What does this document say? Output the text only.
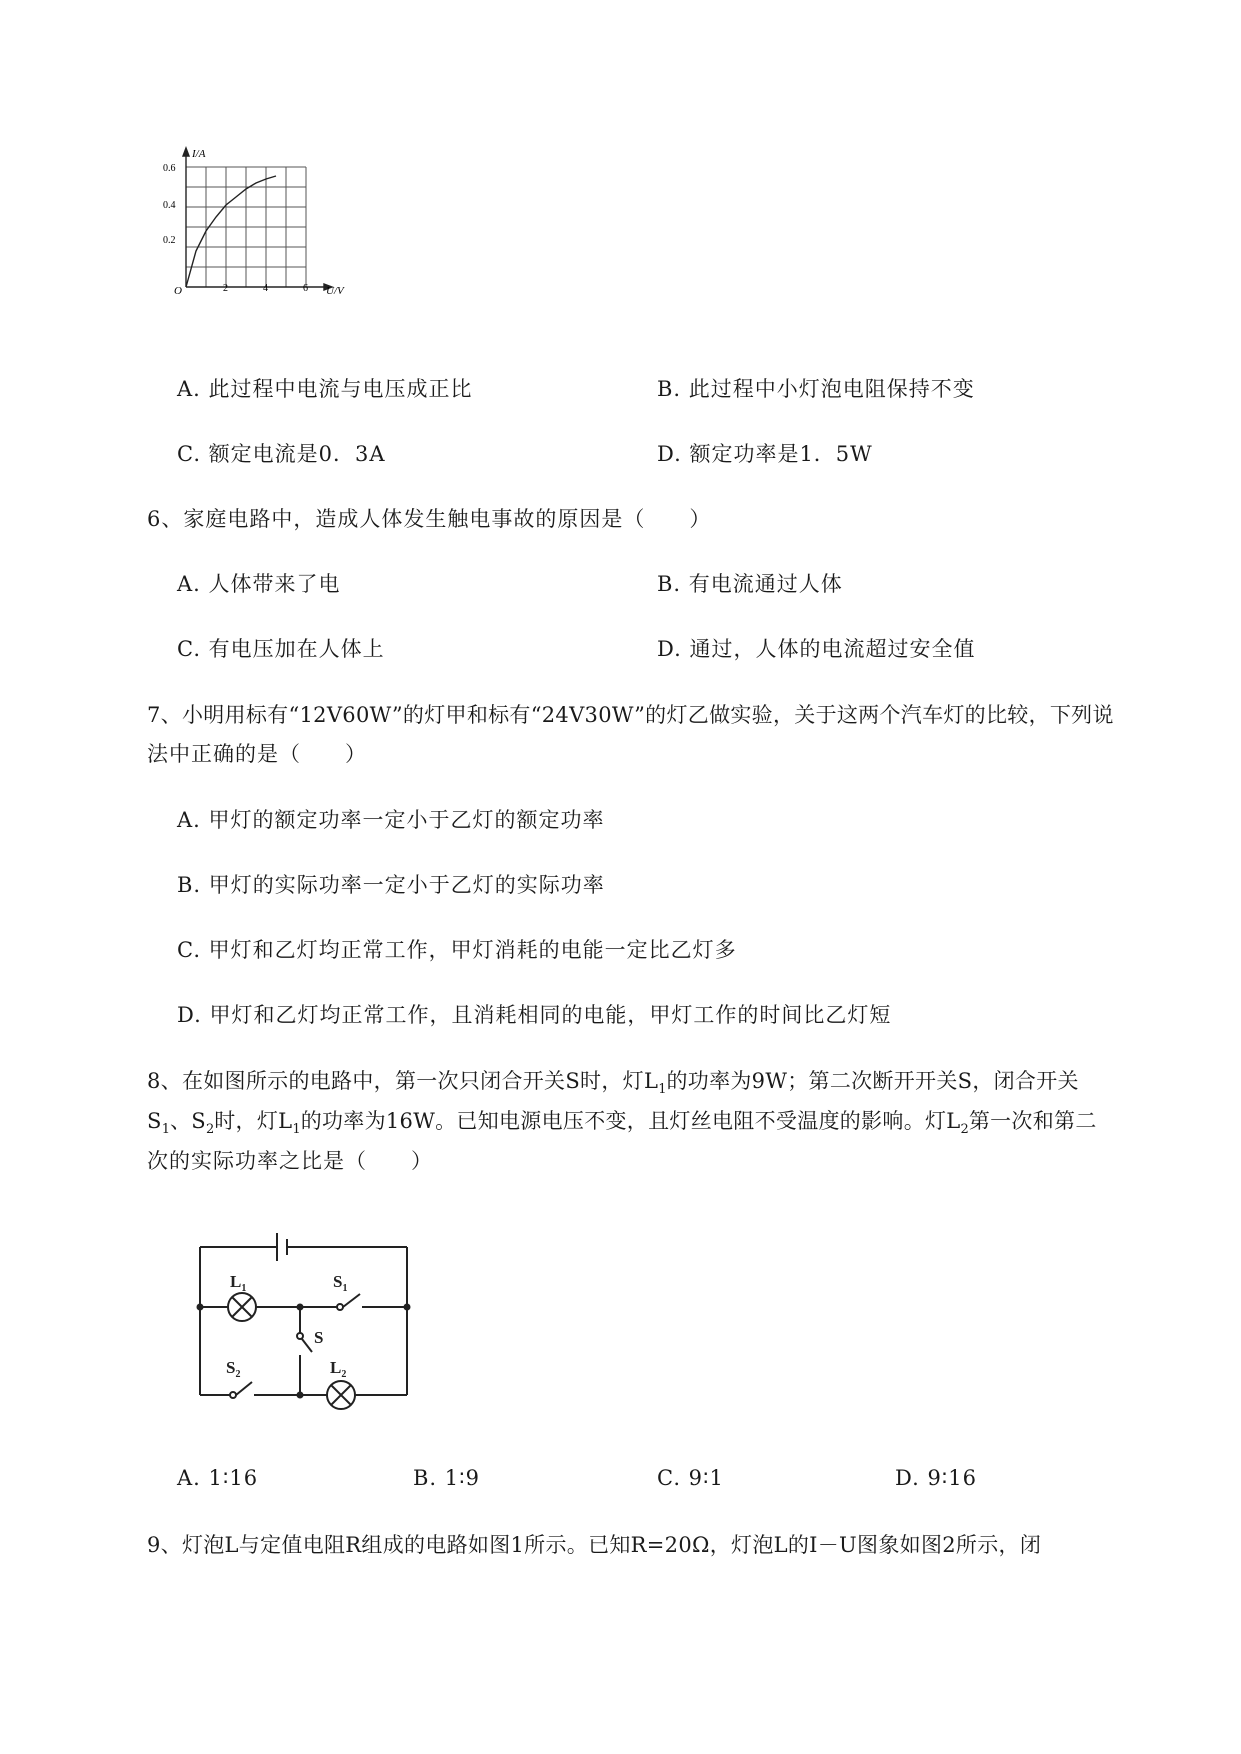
I/A
0.6
0.4
0.2
O	2	4	6 U/V
A. 此过程中电流与电压成正比	B. 此过程中小灯泡电阻保持不变
C. 额定电流是0．3A	D. 额定功率是1．5W
6、家庭电路中，造成人体发生触电事故的原因是（　　）
A. 人体带来了电	B. 有电流通过人体
C. 有电压加在人体上	D. 通过，人体的电流超过安全值
7、小明用标有“12V60W”的灯甲和标有“24V30W”的灯乙做实验，关于这两个汽车灯的比较，下列说
法中正确的是（　　）
A. 甲灯的额定功率一定小于乙灯的额定功率
B. 甲灯的实际功率一定小于乙灯的实际功率
C. 甲灯和乙灯均正常工作，甲灯消耗的电能一定比乙灯多
D. 甲灯和乙灯均正常工作，且消耗相同的电能，甲灯工作的时间比乙灯短
8、在如图所示的电路中，第一次只闭合开关S时，灯$L_1$的功率为9W；第二次断开开关S，闭合开关
$S_1$、$S_2$时，灯$L_1$的功率为16W。已知电源电压不变，且灯丝电阻不受温度的影响。灯$L_2$第一次和第二
次的实际功率之比是（　　）
$L_1$	$S_1$
S
$S_2$	$L_2$
A. 1∶16	B. 1∶9	C. 9∶1	D. 9∶16
9、灯泡L与定值电阻R组成的电路如图1所示。已知R=20Ω，灯泡L的I－U图象如图2所示，闭
